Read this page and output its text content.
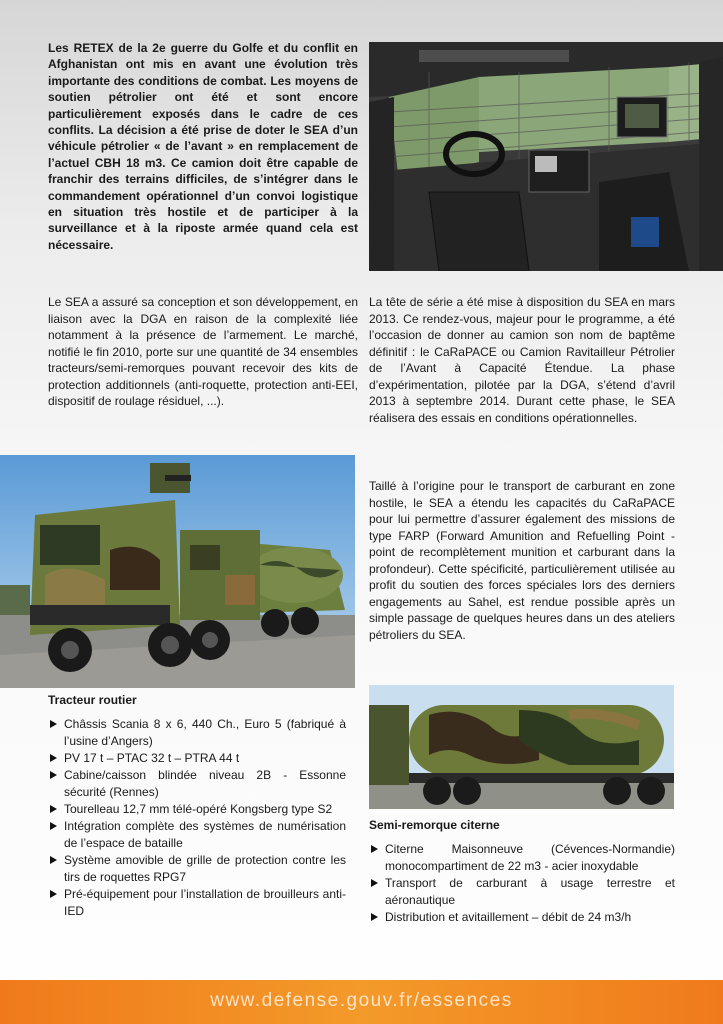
Les RETEX de la 2e guerre du Golfe et du conflit en Afghanistan ont mis en avant une évolution très importante des conditions de combat. Les moyens de soutien pétrolier ont été et sont encore particulièrement exposés dans le cadre de ces conflits. La décision a été prise de doter le SEA d’un véhicule pétrolier « de l’avant » en remplacement de l’actuel CBH 18 m3. Ce camion doit être capable de franchir des terrains difficiles, de s’intégrer dans le commandement opérationnel d’un convoi logistique en situation très hostile et de participer à la surveillance et à la riposte armée quand cela est nécessaire.

Le SEA a assuré sa conception et son développement, en liaison avec la DGA en raison de la complexité liée notamment à la présence de l’armement. Le marché, notifié le fin 2010, porte sur une quantité de 34 ensembles tracteurs/semi-remorques pouvant recevoir des kits de protection additionnels (anti-roquette, protection anti-EEI, dispositif de roulage résiduel, ...).

La tête de série a été mise à disposition du SEA en mars 2013. Ce rendez-vous, majeur pour le programme, a été l’occasion de donner au camion son nom de baptême définitif : le CaRaPACE ou Camion Ravitailleur Pétrolier de l’Avant à Capacité Étendue. La phase d’expérimentation, pilotée par la DGA, s’étend d’avril 2013 à septembre 2014. Durant cette phase, le SEA réalisera des essais en conditions opérationnelles.

Taillé à l’origine pour le transport de carburant en zone hostile, le SEA a étendu les capacités du CaRaPACE pour lui permettre d’assurer également des missions de type FARP (Forward Amunition and Refuelling Point - point de recomplètement munition et carburant dans la profondeur). Cette spécificité, particulièrement utilisée au profit du soutien des forces spéciales lors des derniers engagements au Sahel, est rendue possible après un simple passage de quelques heures dans un des ateliers pétroliers du SEA.

Tracteur routier
Châssis Scania 8 x 6, 440 Ch., Euro 5 (fabriqué à l’usine d’Angers)
PV 17 t – PTAC 32 t – PTRA 44 t
Cabine/caisson blindée niveau 2B - Essonne sécurité (Rennes)
Tourelleau 12,7 mm télé-opéré Kongsberg type S2
Intégration complète des systèmes de numérisation de l’espace de bataille
Système amovible de grille de protection contre les tirs de roquettes RPG7
Pré-équipement pour l’installation de brouilleurs anti-IED
Semi-remorque citerne
Citerne Maisonneuve (Cévences-Normandie) monocompartiment de 22 m3 - acier inoxydable
Transport de carburant à usage terrestre et aéronautique
Distribution et avitaillement – débit de 24 m3/h
www.defense.gouv.fr/essences
